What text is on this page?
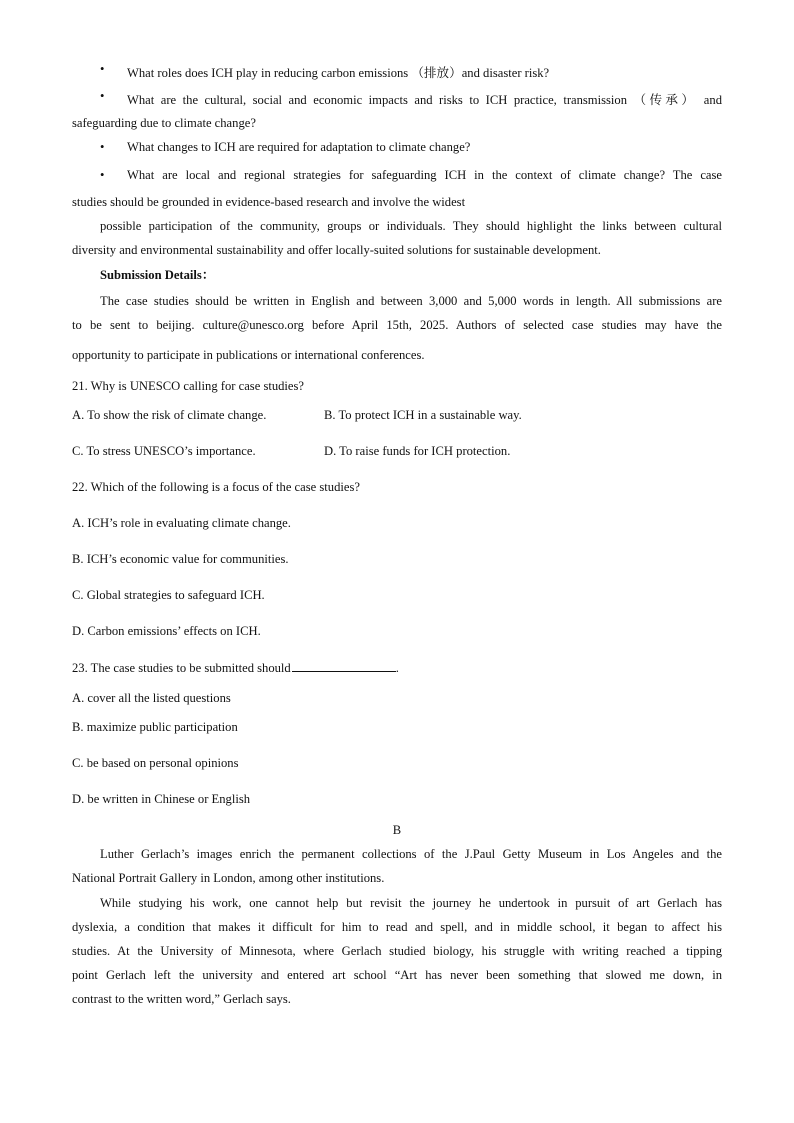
• What roles does ICH play in reducing carbon emissions （排放）and disaster risk?
• What are the cultural, social and economic impacts and risks to ICH practice, transmission （传承） and
safeguarding due to climate change?
• What changes to ICH are required for adaptation to climate change?
• What are local and regional strategies for safeguarding ICH in the context of climate change? The case
studies should be grounded in evidence-based research and involve the widest
possible participation of the community, groups or individuals. They should highlight the links between cultural
diversity and environmental sustainability and offer locally-suited solutions for sustainable development.
Submission Details：
The case studies should be written in English and between 3,000 and 5,000 words in length. All submissions are
to be sent to beijing. culture@unesco.org before April 15th, 2025. Authors of selected case studies may have the
opportunity to participate in publications or international conferences.
21. Why is UNESCO calling for case studies?
A. To show the risk of climate change.	B. To protect ICH in a sustainable way.
C. To stress UNESCO’s importance.	D. To raise funds for ICH protection.
22. Which of the following is a focus of the case studies?
A. ICH’s role in evaluating climate change.
B. ICH’s economic value for communities.
C. Global strategies to safeguard ICH.
D. Carbon emissions’ effects on ICH.
23. The case studies to be submitted should	.
A. cover all the listed questions
B. maximize public participation
C. be based on personal opinions
D. be written in Chinese or English
B
Luther Gerlach’s images enrich the permanent collections of the J.Paul Getty Museum in Los Angeles and the
National Portrait Gallery in London, among other institutions.
While studying his work, one cannot help but revisit the journey he undertook in pursuit of art Gerlach has
dyslexia, a condition that makes it difficult for him to read and spell, and in middle school, it began to affect his
studies. At the University of Minnesota, where Gerlach studied biology, his struggle with writing reached a tipping
point Gerlach left the university and entered art school “Art has never been something that slowed me down, in
contrast to the written word,” Gerlach says.
